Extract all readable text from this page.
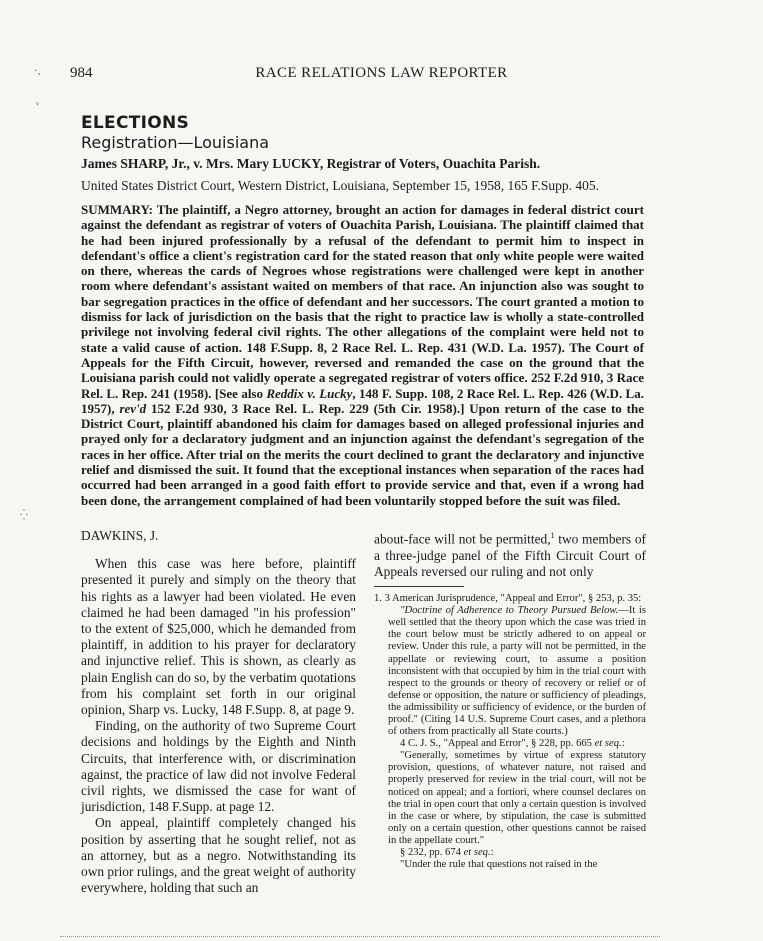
984	RACE RELATIONS LAW REPORTER
ELECTIONS
Registration—Louisiana
James SHARP, Jr., v. Mrs. Mary LUCKY, Registrar of Voters, Ouachita Parish.
United States District Court, Western District, Louisiana, September 15, 1958, 165 F.Supp. 405.

SUMMARY: The plaintiff, a Negro attorney, brought an action for damages in federal district court against the defendant as registrar of voters of Ouachita Parish, Louisiana. The plaintiff claimed that he had been injured professionally by a refusal of the defendant to permit him to inspect in defendant's office a client's registration card for the stated reason that only white people were waited on there, whereas the cards of Negroes whose registrations were challenged were kept in another room where defendant's assistant waited on members of that race. An injunction also was sought to bar segregation practices in the office of defendant and her successors. The court granted a motion to dismiss for lack of jurisdiction on the basis that the right to practice law is wholly a state-controlled privilege not involving federal civil rights. The other allegations of the complaint were held not to state a valid cause of action. 148 F.Supp. 8, 2 Race Rel. L. Rep. 431 (W.D. La. 1957). The Court of Appeals for the Fifth Circuit, however, reversed and remanded the case on the ground that the Louisiana parish could not validly operate a segregated registrar of voters office. 252 F.2d 910, 3 Race Rel. L. Rep. 241 (1958). [See also Reddix v. Lucky, 148 F. Supp. 108, 2 Race Rel. L. Rep. 426 (W.D. La. 1957), rev'd 152 F.2d 930, 3 Race Rel. L. Rep. 229 (5th Cir. 1958).] Upon return of the case to the District Court, plaintiff abandoned his claim for damages based on alleged professional injuries and prayed only for a declaratory judgment and an injunction against the defendant's segregation of the races in her office. After trial on the merits the court declined to grant the declaratory and injunctive relief and dismissed the suit. It found that the exceptional instances when separation of the races had occurred had been arranged in a good faith effort to provide service and that, even if a wrong had been done, the arrangement complained of had been voluntarily stopped before the suit was filed.

DAWKINS, J.

When this case was here before, plaintiff presented it purely and simply on the theory that his rights as a lawyer had been violated. He even claimed he had been damaged "in his profession" to the extent of $25,000, which he demanded from plaintiff, in addition to his prayer for declaratory and injunctive relief. This is shown, as clearly as plain English can do so, by the verbatim quotations from his complaint set forth in our original opinion, Sharp vs. Lucky, 148 F.Supp. 8, at page 9.

Finding, on the authority of two Supreme Court decisions and holdings by the Eighth and Ninth Circuits, that interference with, or discrimination against, the practice of law did not involve Federal civil rights, we dismissed the case for want of jurisdiction, 148 F.Supp. at page 12.

On appeal, plaintiff completely changed his position by asserting that he sought relief, not as an attorney, but as a negro. Notwithstanding its own prior rulings, and the great weight of authority everywhere, holding that such an

about-face will not be permitted,$^1$ two members of a three-judge panel of the Fifth Circuit Court of Appeals reversed our ruling and not only

1. 3 American Jurisprudence, "Appeal and Error", § 253, p. 35:

"Doctrine of Adherence to Theory Pursued Below.—It is well settled that the theory upon which the case was tried in the court below must be strictly adhered to on appeal or review. Under this rule, a party will not be permitted, in the appellate or reviewing court, to assume a position inconsistent with that occupied by him in the trial court with respect to the grounds or theory of recovery or relief or of defense or opposition, the nature or sufficiency of pleadings, the admissibility or sufficiency of evidence, or the burden of proof." (Citing 14 U.S. Supreme Court cases, and a plethora of others from practically all State courts.)

4 C. J. S., "Appeal and Error", § 228, pp. 665 et seq.:

"Generally, sometimes by virtue of express statutory provision, questions, of whatever nature, not raised and properly preserved for review in the trial court, will not be noticed on appeal; and a fortiori, where counsel declares on the trial in open court that only a certain question is involved in the case or where, by stipulation, the case is submitted only on a certain question, other questions cannot be raised in the appellate court."

§ 232, pp. 674 et seq.:

"Under the rule that questions not raised in the

·‚
ᵛ
⁛
